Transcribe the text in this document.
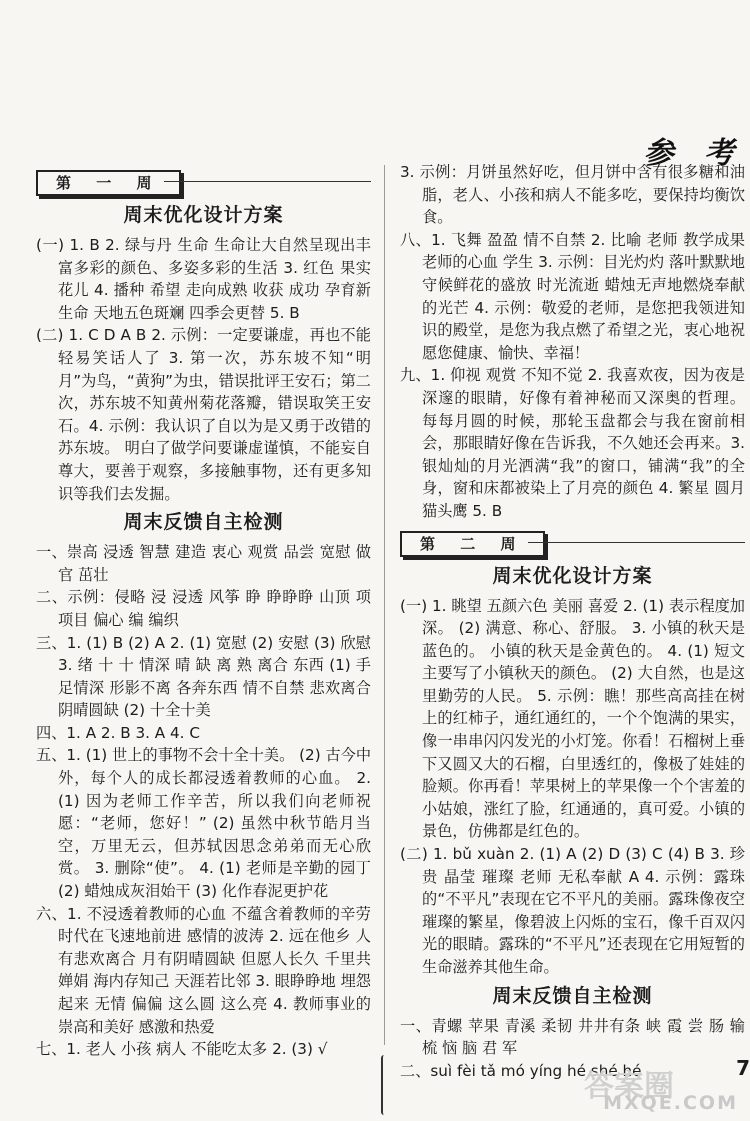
参 考
第 一 周
周末优化设计方案

(一) 1. B 2. 绿与丹 生命 生命让大自然呈现出丰富多彩的颜色、多姿多彩的生活 3. 红色 果实 花儿 4. 播种 希望 走向成熟 收获 成功 孕育新生命 天地五色斑斓 四季会更替 5. B

(二) 1. C D A B 2. 示例：一定要谦虚，再也不能轻易笑话人了 3. 第一次，苏东坡不知“明月”为鸟，“黄狗”为虫，错误批评王安石；第二次，苏东坡不知黄州菊花落瓣，错误取笑王安石。4. 示例：我认识了自以为是又勇于改错的苏东坡。 明白了做学问要谦虚谨慎，不能妄自尊大，要善于观察，多接触事物，还有更多知识等我们去发掘。

周末反馈自主检测

一、崇高 浸透 智慧 建造 衷心 观赏 品尝 宽慰 做官 茁壮

二、示例：侵略 浸 浸透 风筝 睁 睁睁睁 山顶 项 项目 偏心 编 编织

三、1. (1) B (2) A 2. (1) 宽慰 (2) 安慰 (3) 欣慰 3. 绪 十 十 情深 晴 缺 离 熟 离合 东西 (1) 手足情深 形影不离 各奔东西 情不自禁 悲欢离合 阴晴圆缺 (2) 十全十美

四、1. A 2. B 3. A 4. C

五、1. (1) 世上的事物不会十全十美。 (2) 古今中外，每个人的成长都浸透着教师的心血。 2. (1) 因为老师工作辛苦，所以我们向老师祝愿：“老师，您好！” (2) 虽然中秋节皓月当空，万里无云，但苏轼因思念弟弟而无心欣赏。 3. 删除“使”。 4. (1) 老师是辛勤的园丁 (2) 蜡烛成灰泪始干 (3) 化作春泥更护花

六、1. 不浸透着教师的心血 不蕴含着教师的辛劳 时代在飞速地前进 感情的波涛 2. 远在他乡 人有悲欢离合 月有阴晴圆缺 但愿人长久 千里共婵娟 海内存知己 天涯若比邻 3. 眼睁睁地 埋怨起来 无情 偏偏 这么圆 这么亮 4. 教师事业的崇高和美好 感激和热爱

七、1. 老人 小孩 病人 不能吃太多 2. (3) √

3. 示例：月饼虽然好吃，但月饼中含有很多糖和油脂，老人、小孩和病人不能多吃，要保持均衡饮食。

八、1. 飞舞 盈盈 情不自禁 2. 比喻 老师 教学成果 老师的心血 学生 3. 示例：目光灼灼 落叶默默地守候鲜花的盛放 时光流逝 蜡烛无声地燃烧奉献的光芒 4. 示例：敬爱的老师，是您把我领进知识的殿堂，是您为我点燃了希望之光，衷心地祝愿您健康、愉快、幸福！

九、1. 仰视 观赏 不知不觉 2. 我喜欢夜，因为夜是深邃的眼睛，好像有着神秘而又深奥的哲理。 每每月圆的时候，那轮玉盘都会与我在窗前相会，那眼睛好像在告诉我，不久她还会再来。3. 银灿灿的月光洒满“我”的窗口，铺满“我”的全身，窗和床都被染上了月亮的颜色 4. 繁星 圆月 猫头鹰 5. B

第 二 周
周末优化设计方案

(一) 1. 眺望 五颜六色 美丽 喜爱 2. (1) 表示程度加深。 (2) 满意、称心、舒服。 3. 小镇的秋天是蓝色的。 小镇的秋天是金黄色的。 4. (1) 短文主要写了小镇秋天的颜色。 (2) 大自然，也是这里勤劳的人民。 5. 示例：瞧！那些高高挂在树上的红柿子，通红通红的，一个个饱满的果实，像一串串闪闪发光的小灯笼。你看！石榴树上垂下又圆又大的石榴，白里透红的，像极了娃娃的脸颊。你再看！苹果树上的苹果像一个个害羞的小姑娘，涨红了脸，红通通的，真可爱。小镇的景色，仿佛都是红色的。

(二) 1. bǔ xuàn 2. (1) A (2) D (3) C (4) B 3. 珍贵 晶莹 璀璨 老师 无私奉献 A 4. 示例：露珠的“不平凡”表现在它不平凡的美丽。露珠像夜空璀璨的繁星，像碧波上闪烁的宝石，像千百双闪光的眼睛。露珠的“不平凡”还表现在它用短暂的生命滋养其他生命。

周末反馈自主检测

一、青螺 苹果 青溪 柔韧 井井有条 峡 霞 尝 肠 输 梳 恼 脑 君 军

二、suì fèi tǎ mó yíng hé shé hé

答案圈
MXQE.COM
7
